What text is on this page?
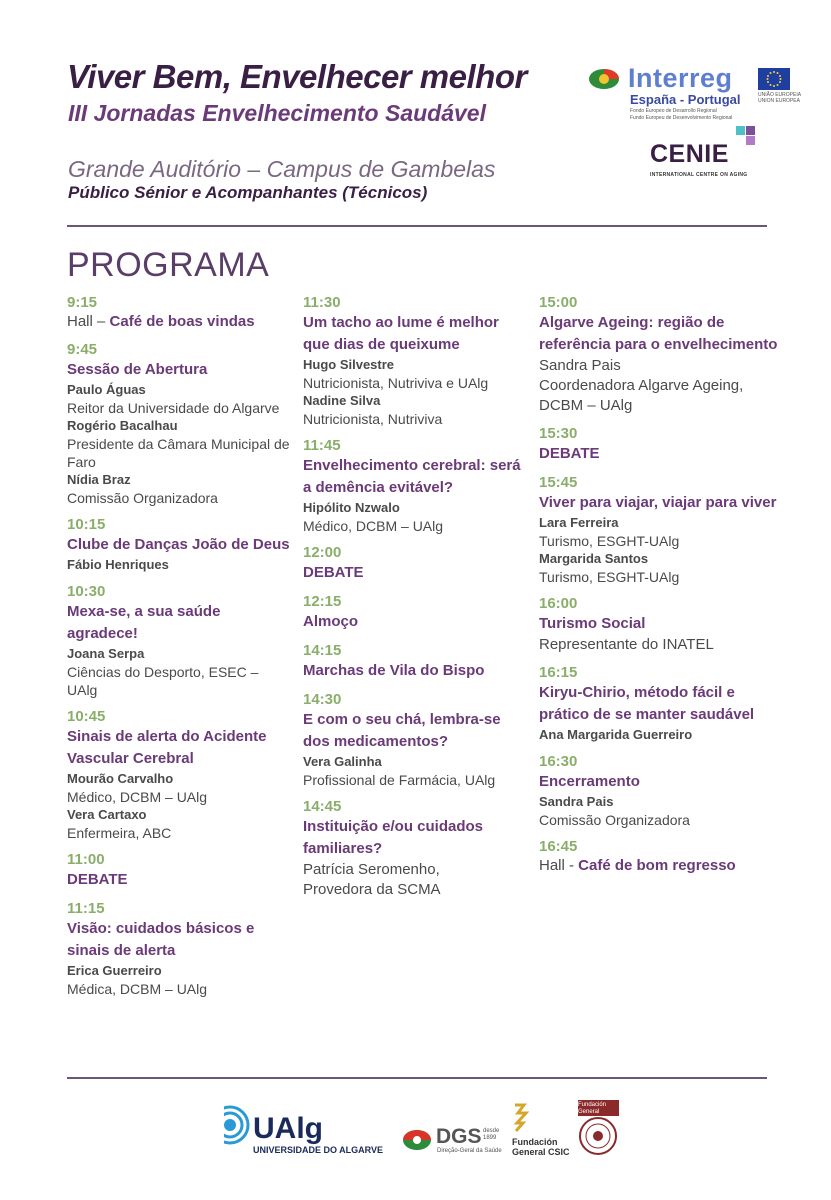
Viver Bem, Envelhecer melhor
III Jornadas Envelhecimento Saudável
Grande Auditório – Campus de Gambelas
Público Sénior e Acompanhantes (Técnicos)
Interreg
España - Portugal
Fondo Europeo de Desarrollo Regional
Fundo Europeu de Desenvolvimento Regional
UNIÃO EUROPEIA
UNION EUROPEA
CENIE
INTERNATIONAL CENTRE ON AGING
PROGRAMA
9:15
Hall – Café de boas vindas
9:45
Sessão de Abertura
Paulo Águas
Reitor da Universidade do Algarve
Rogério Bacalhau
Presidente da Câmara Municipal de Faro
Nídia Braz
Comissão Organizadora
10:15
Clube de Danças João de Deus
Fábio Henriques
10:30
Mexa-se, a sua saúde agradece!
Joana Serpa
Ciências do Desporto, ESEC – UAlg
10:45
Sinais de alerta do Acidente Vascular Cerebral
Mourão Carvalho
Médico, DCBM – UAlg
Vera Cartaxo
Enfermeira, ABC
11:00
DEBATE
11:15
Visão: cuidados básicos e sinais de alerta
Erica Guerreiro
Médica, DCBM – UAlg
11:30
Um tacho ao lume é melhor que dias de queixume
Hugo Silvestre
Nutricionista, Nutriviva e UAlg
Nadine Silva
Nutricionista, Nutriviva
11:45
Envelhecimento cerebral: será a demência evitável?
Hipólito Nzwalo
Médico, DCBM – UAlg
12:00
DEBATE
12:15
Almoço
14:15
Marchas de Vila do Bispo
14:30
E com o seu chá, lembra-se dos medicamentos?
Vera Galinha
Profissional de Farmácia, UAlg
14:45
Instituição e/ou cuidados familiares?
Patrícia Seromenho,
Provedora da SCMA
15:00
Algarve Ageing: região de referência para o envelhecimento
Sandra Pais
Coordenadora Algarve Ageing, DCBM – UAlg
15:30
DEBATE
15:45
Viver para viajar, viajar para viver
Lara Ferreira
Turismo, ESGHT-UAlg
Margarida Santos
Turismo, ESGHT-UAlg
16:00
Turismo Social
Representante do INATEL
16:15
Kiryu-Chirio, método fácil e prático de se manter saudável
Ana Margarida Guerreiro
16:30
Encerramento
Sandra Pais
Comissão Organizadora
16:45
Hall - Café de bom regresso
UAlg
UNIVERSIDADE DO ALGARVE
DGS desde 1899
Direção-Geral da Saúde
Fundación
General CSIC
Fundación
General
